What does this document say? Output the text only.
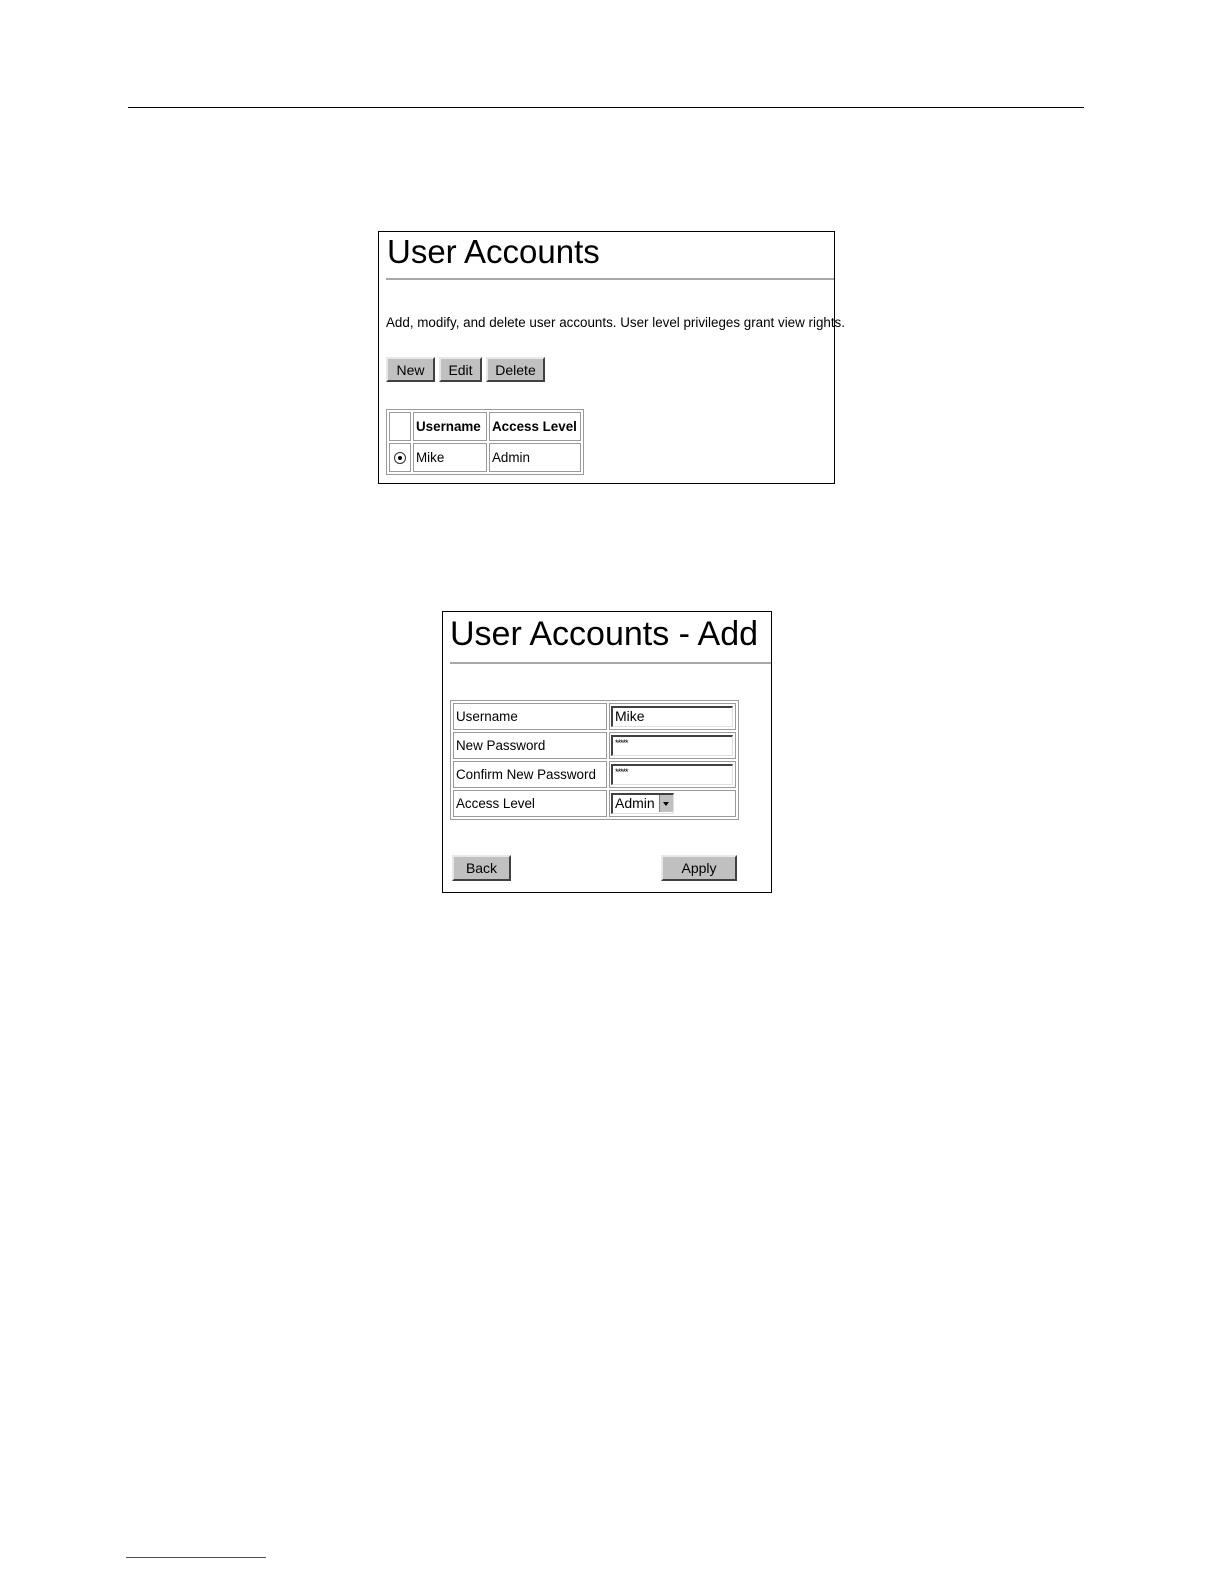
User Accounts
Add, modify, and delete user accounts. User level privileges grant view rights.
New	Edit	Delete
	Username	Access Level
	Mike	Admin
User Accounts - Add
Username	Mike

New Password	*****

Confirm New Password	*****

Access Level	Admin
Back	Apply
